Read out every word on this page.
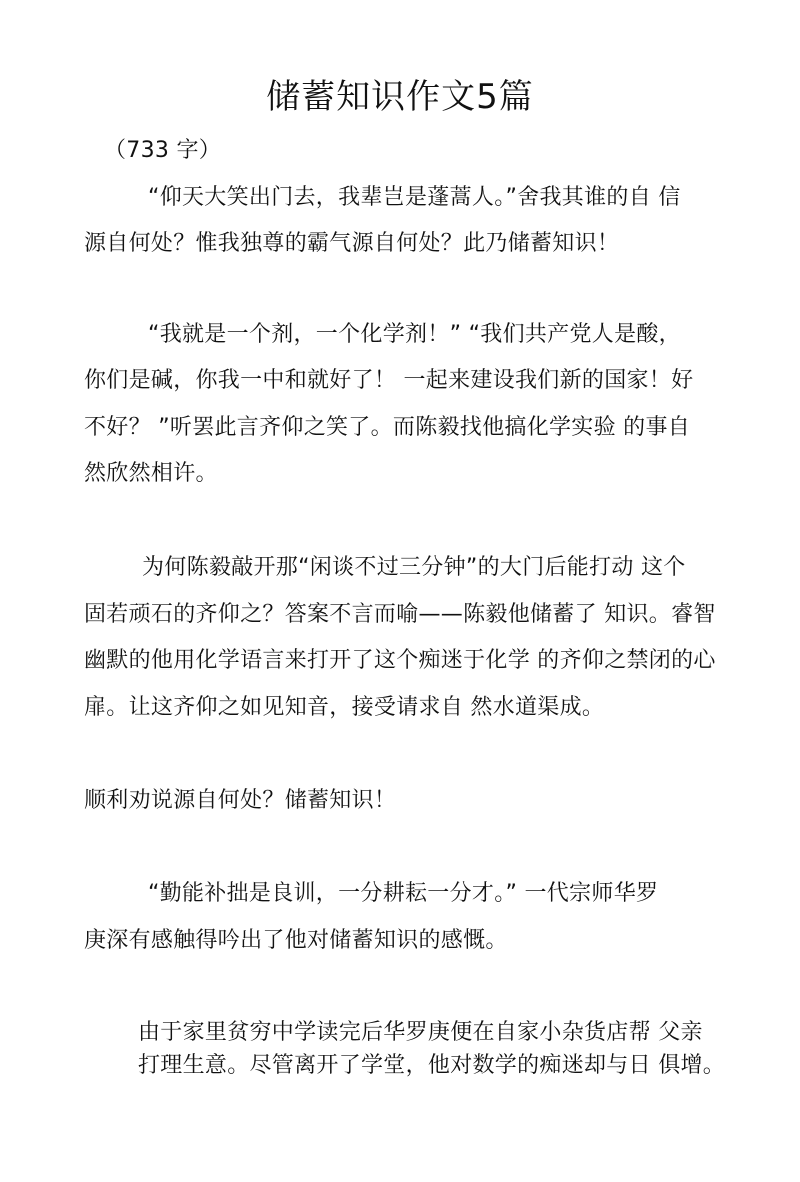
储蓄知识作文5篇
（733 字）
“仰天大笑出门去，我辈岂是蓬蒿人。”舍我其谁的自 信
源自何处？惟我独尊的霸气源自何处？此乃储蓄知识！
“我就是一个剂，一个化学剂！” “我们共产党人是酸，
你们是碱，你我一中和就好了！ 一起来建设我们新的国家！好
不好？ ”听罢此言齐仰之笑了。而陈毅找他搞化学实验 的事自
然欣然相许。
为何陈毅敲开那“闲谈不过三分钟”的大门后能打动 这个
固若顽石的齐仰之？答案不言而喻——陈毅他储蓄了 知识。睿智
幽默的他用化学语言来打开了这个痴迷于化学 的齐仰之禁闭的心
扉。让这齐仰之如见知音，接受请求自 然水道渠成。
顺利劝说源自何处？储蓄知识！
“勤能补拙是良训，一分耕耘一分才。” 一代宗师华罗
庚深有感触得吟出了他对储蓄知识的感慨。
由于家里贫穷中学读完后华罗庚便在自家小杂货店帮 父亲
打理生意。尽管离开了学堂，他对数学的痴迷却与日 俱增。
